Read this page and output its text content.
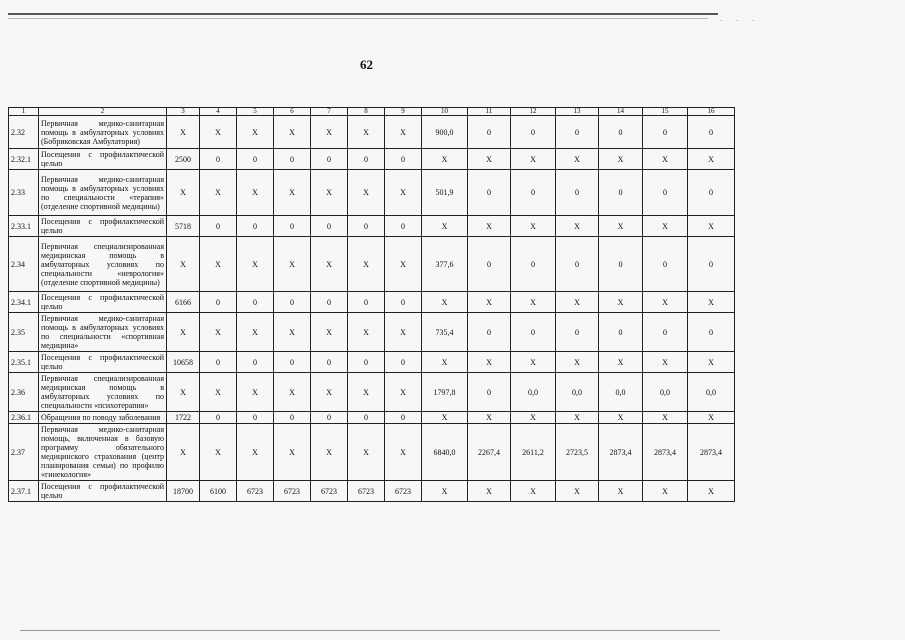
. . .
62
1	2	3	4	5	6	7	8	9	10	11	12	13	14	15	16
2.32	Первичная медико-санитарная помощь в амбулаторных условиях (Бобриковская Амбулатория)	X	X	X	X	X	X	X	900,0	0	0	0	0	0	0
2.32.1	Посещения с профилактической целью	2500	0	0	0	0	0	0	X	X	X	X	X	X	X
2.33	Первичная медико-санитарная помощь в амбулаторных условиях по специальности «терапия» (отделение спортивной медицины)	X	X	X	X	X	X	X	501,9	0	0	0	0	0	0
2.33.1	Посещения с профилактической целью	5718	0	0	0	0	0	0	X	X	X	X	X	X	X
2.34	Первичная специализированная медицинская помощь в амбулаторных условиях по специальности «неврология» (отделение спортивной медицины)	X	X	X	X	X	X	X	377,6	0	0	0	0	0	0
2.34.1	Посещения с профилактической целью	6166	0	0	0	0	0	0	X	X	X	X	X	X	X
2.35	Первичная медико-санитарная помощь в амбулаторных условиях по специальности «спортивная медицина»	X	X	X	X	X	X	X	735,4	0	0	0	0	0	0
2.35.1	Посещения с профилактической целью	10658	0	0	0	0	0	0	X	X	X	X	X	X	X
2.36	Первичная специализированная медицинская помощь в амбулаторных условиях по специальности «психотерапия»	X	X	X	X	X	X	X	1797,8	0	0,0	0,0	0,0	0,0	0,0
2.36.1	Обращения по поводу заболевания	1722	0	0	0	0	0	0	X	X	X	X	X	X	X
2.37	Первичная медико-санитарная помощь, включенная в базовую программу обязательного медицинского страхования (центр планирования семьи) по профилю «гинекология»	X	X	X	X	X	X	X	6840,0	2267,4	2611,2	2723,5	2873,4	2873,4	2873,4
2.37.1	Посещения с профилактической целью	18700	6100	6723	6723	6723	6723	6723	X	X	X	X	X	X	X
